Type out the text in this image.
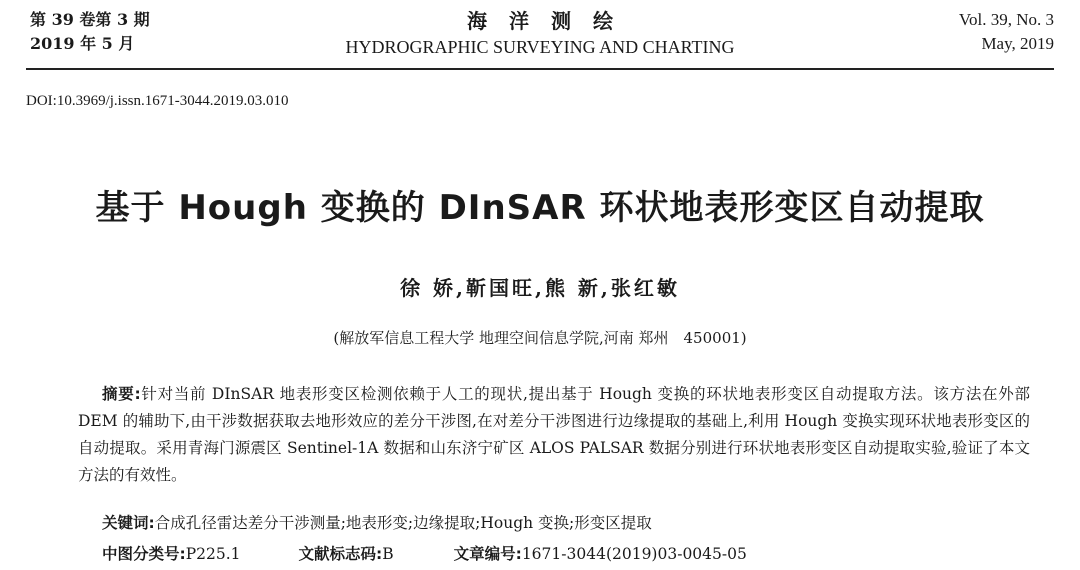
第 39 卷第 3 期
2019 年 5 月
海洋测绘
HYDROGRAPHIC SURVEYING AND CHARTING
Vol. 39, No. 3
May, 2019
DOI:10.3969/j.issn.1671-3044.2019.03.010
基于 Hough 变换的 DInSAR 环状地表形变区自动提取
徐 娇,靳国旺,熊 新,张红敏
(解放军信息工程大学 地理空间信息学院,河南 郑州　450001)
摘要:针对当前 DInSAR 地表形变区检测依赖于人工的现状,提出基于 Hough 变换的环状地表形变区自动提取方法。该方法在外部 DEM 的辅助下,由干涉数据获取去地形效应的差分干涉图,在对差分干涉图进行边缘提取的基础上,利用 Hough 变换实现环状地表形变区的自动提取。采用青海门源震区 Sentinel-1A 数据和山东济宁矿区 ALOS PALSAR 数据分别进行环状地表形变区自动提取实验,验证了本文方法的有效性。
关键词:合成孔径雷达差分干涉测量;地表形变;边缘提取;Hough 变换;形变区提取
中图分类号:P225.1	文献标志码:B	文章编号:1671-3044(2019)03-0045-05
